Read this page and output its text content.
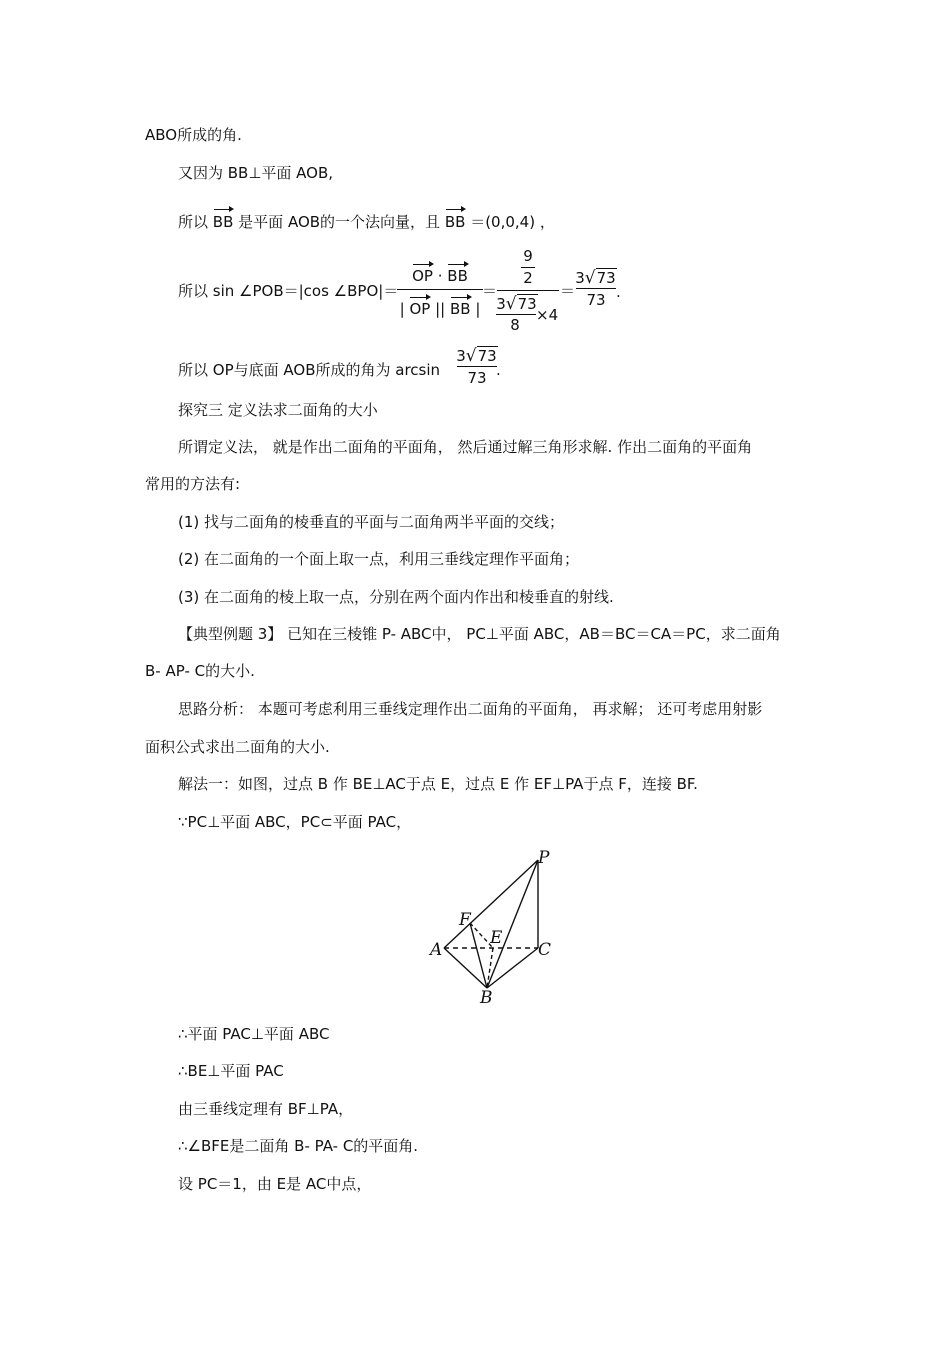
ABO所成的角.
又因为 BB⊥平面 AOB,
所以 BB 是平面 AOB的一个法向量，且 BB ＝(0,0,4) ，
所以 sin ∠POB＝|cos ∠BPO|＝
OP · BB
| OP || BB |
＝
9
2
3√73
8
×4
＝
3√73
73 .
所以 OP与底面 AOB所成的角为 arcsin
3√73
73 .
探究三 定义法求二面角的大小
所谓定义法， 就是作出二面角的平面角， 然后通过解三角形求解. 作出二面角的平面角
常用的方法有:
(1) 找与二面角的棱垂直的平面与二面角两半平面的交线；
(2) 在二面角的一个面上取一点，利用三垂线定理作平面角；
(3) 在二面角的棱上取一点，分别在两个面内作出和棱垂直的射线.
【典型例题 3】 已知在三棱锥 P- ABC中， PC⊥平面 ABC，AB＝BC＝CA＝PC，求二面角
B- AP- C的大小.
思路分析： 本题可考虑利用三垂线定理作出二面角的平面角， 再求解； 还可考虑用射影
面积公式求出二面角的大小.
解法一：如图，过点 B 作 BE⊥AC于点 E，过点 E 作 EF⊥PA于点 F，连接 BF.
∵PC⊥平面 ABC，PC⊂平面 PAC，
P
F
E
A	C
B
∴平面 PAC⊥平面 ABC
∴BE⊥平面 PAC
由三垂线定理有 BF⊥PA，
∴∠BFE是二面角 B- PA- C的平面角.
设 PC＝1，由 E是 AC中点，
